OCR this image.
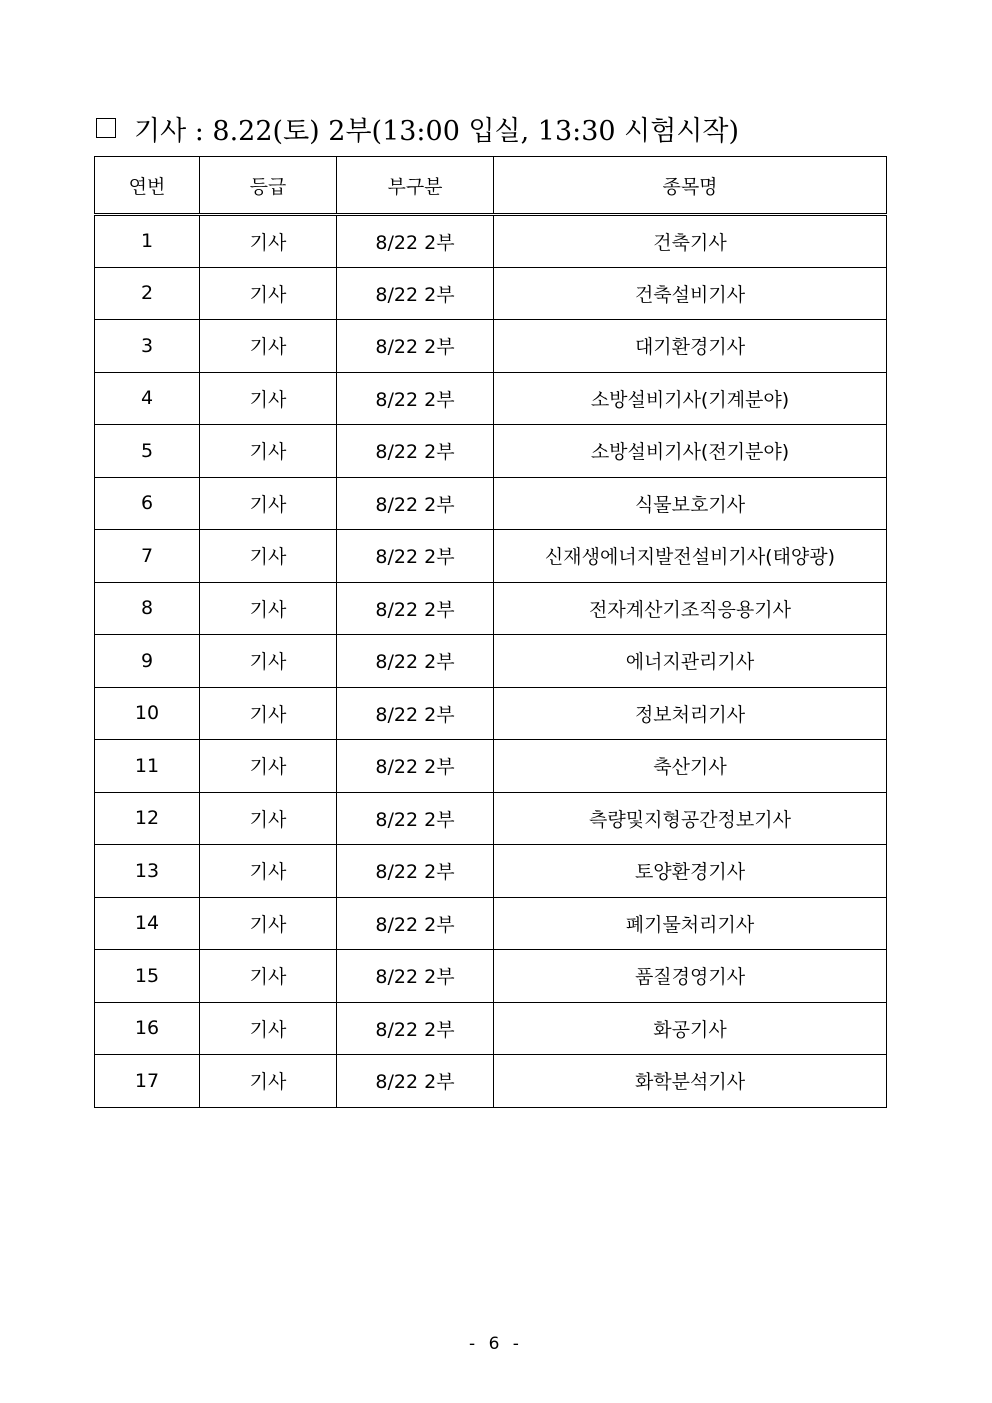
기사 : 8.22(토) 2부(13:00 입실, 13:30 시험시작)
연번	등급	부구분	종목명
1	기사	8/22 2부	건축기사
2	기사	8/22 2부	건축설비기사
3	기사	8/22 2부	대기환경기사
4	기사	8/22 2부	소방설비기사(기계분야)
5	기사	8/22 2부	소방설비기사(전기분야)
6	기사	8/22 2부	식물보호기사
7	기사	8/22 2부	신재생에너지발전설비기사(태양광)
8	기사	8/22 2부	전자계산기조직응용기사
9	기사	8/22 2부	에너지관리기사
10	기사	8/22 2부	정보처리기사
11	기사	8/22 2부	축산기사
12	기사	8/22 2부	측량및지형공간정보기사
13	기사	8/22 2부	토양환경기사
14	기사	8/22 2부	폐기물처리기사
15	기사	8/22 2부	품질경영기사
16	기사	8/22 2부	화공기사
17	기사	8/22 2부	화학분석기사
- 6 -
